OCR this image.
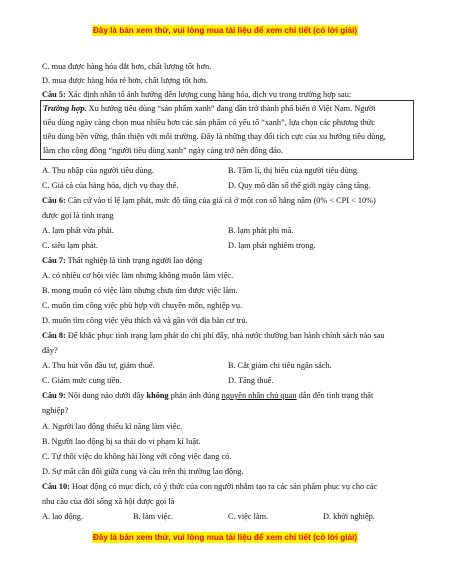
Đây là bản xem thử, vui lòng mua tài liệu để xem chi tiết (có lời giải)
C. mua được hàng hóa đắt hơn, chất lượng tốt hơn.
D. mua được hàng hóa rẻ hơn, chất lượng tốt hơn.
Câu 5: Xác định nhân tố ảnh hưởng đến lượng cung hàng hóa, dịch vụ trong trường hợp sau:
Trường hợp. Xu hướng tiêu dùng “sản phẩm xanh” đang dần trở thành phổ biến ở Việt Nam. Người
tiêu dùng ngày càng chọn mua nhiều hơn các sản phẩm có yếu tố “xanh”, lựa chọn các phương thức
tiêu dùng bền vững, thân thiện với môi trường. Đây là những thay đổi tích cực của xu hướng tiêu dùng,
làm cho cộng đồng “người tiêu dùng xanh” ngày càng trở nên đông đảo.
A. Thu nhập của người tiêu dùng.	B. Tâm lí, thị hiếu của người tiêu dùng.
C. Giá cả của hàng hóa, dịch vụ thay thế.	D. Quy mô dân số thế giới ngày càng tăng.
Câu 6: Căn cứ vào tỉ lệ lạm phát, mức độ tăng của giá cả ở một con số hằng năm (0% < CPI < 10%)
được gọi là tình trạng
A. lạm phát vừa phải.	B. lạm phát phi mã.
C. siêu lạm phát.	D. lạm phát nghiêm trọng.
Câu 7: Thất nghiệp là tình trạng người lao động
A. có nhiều cơ hội việc làm nhưng không muốn làm việc.
B. mong muốn có việc làm nhưng chưa tìm được việc làm.
C. muốn tìm công việc phù hợp với chuyên môn, nghiệp vụ.
D. muốn tìm công việc yêu thích và và gần với địa bàn cư trú.
Câu 8: Để khắc phục tình trạng lạm phát do chi phí đẩy, nhà nước thường ban hành chính sách nào sau
đây?
A. Thu hút vốn đầu tư, giảm thuế.	B. Cắt giảm chi tiêu ngân sách.
C. Giảm mức cung tiền.	D. Tăng thuế.
Câu 9: Nội dung nào dưới đây không phản ánh đúng nguyên nhân chủ quan dẫn đến tình trạng thất
nghiệp?
A. Người lao động thiếu kĩ năng làm việc.
B. Người lao động bị sa thải do vi phạm kỉ luật.
C. Tự thôi việc do không hài lòng với công việc đang có.
D. Sự mất cân đối giữa cung và cầu trên thị trường lao động.
Câu 10: Hoạt động có mục đích, có ý thức của con người nhằm tạo ra các sản phẩm phục vụ cho các
nhu cầu của đời sống xã hội được gọi là
A. lao động.	B. làm việc.	C. việc làm.	D. khởi nghiệp.
Đây là bản xem thử, vui lòng mua tài liệu để xem chi tiết (có lời giải)
